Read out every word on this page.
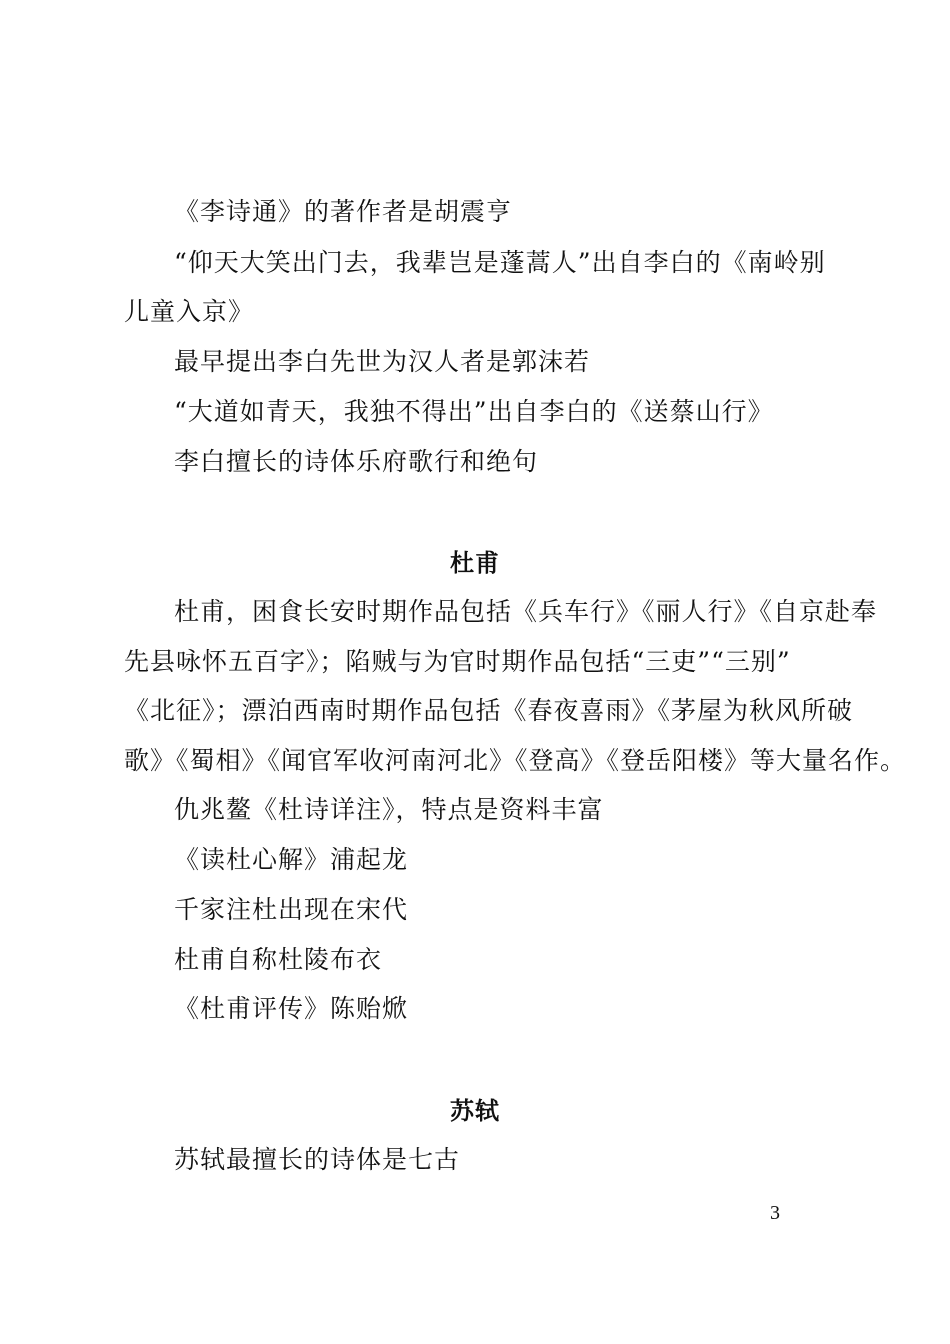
《李诗通》的著作者是胡震亨
“仰天大笑出门去，我辈岂是蓬蒿人”出自李白的《南岭别
儿童入京》
最早提出李白先世为汉人者是郭沫若
“大道如青天，我独不得出”出自李白的《送蔡山行》
李白擅长的诗体乐府歌行和绝句
杜甫
杜甫，困食长安时期作品包括《兵车行》《丽人行》《自京赴奉
先县咏怀五百字》；陷贼与为官时期作品包括“三吏”“三别”
《北征》；漂泊西南时期作品包括《春夜喜雨》《茅屋为秋风所破
歌》《蜀相》《闻官军收河南河北》《登高》《登岳阳楼》等大量名作。
仇兆鳌《杜诗详注》，特点是资料丰富
《读杜心解》浦起龙
千家注杜出现在宋代
杜甫自称杜陵布衣
《杜甫评传》陈贻焮
苏轼
苏轼最擅长的诗体是七古
3
